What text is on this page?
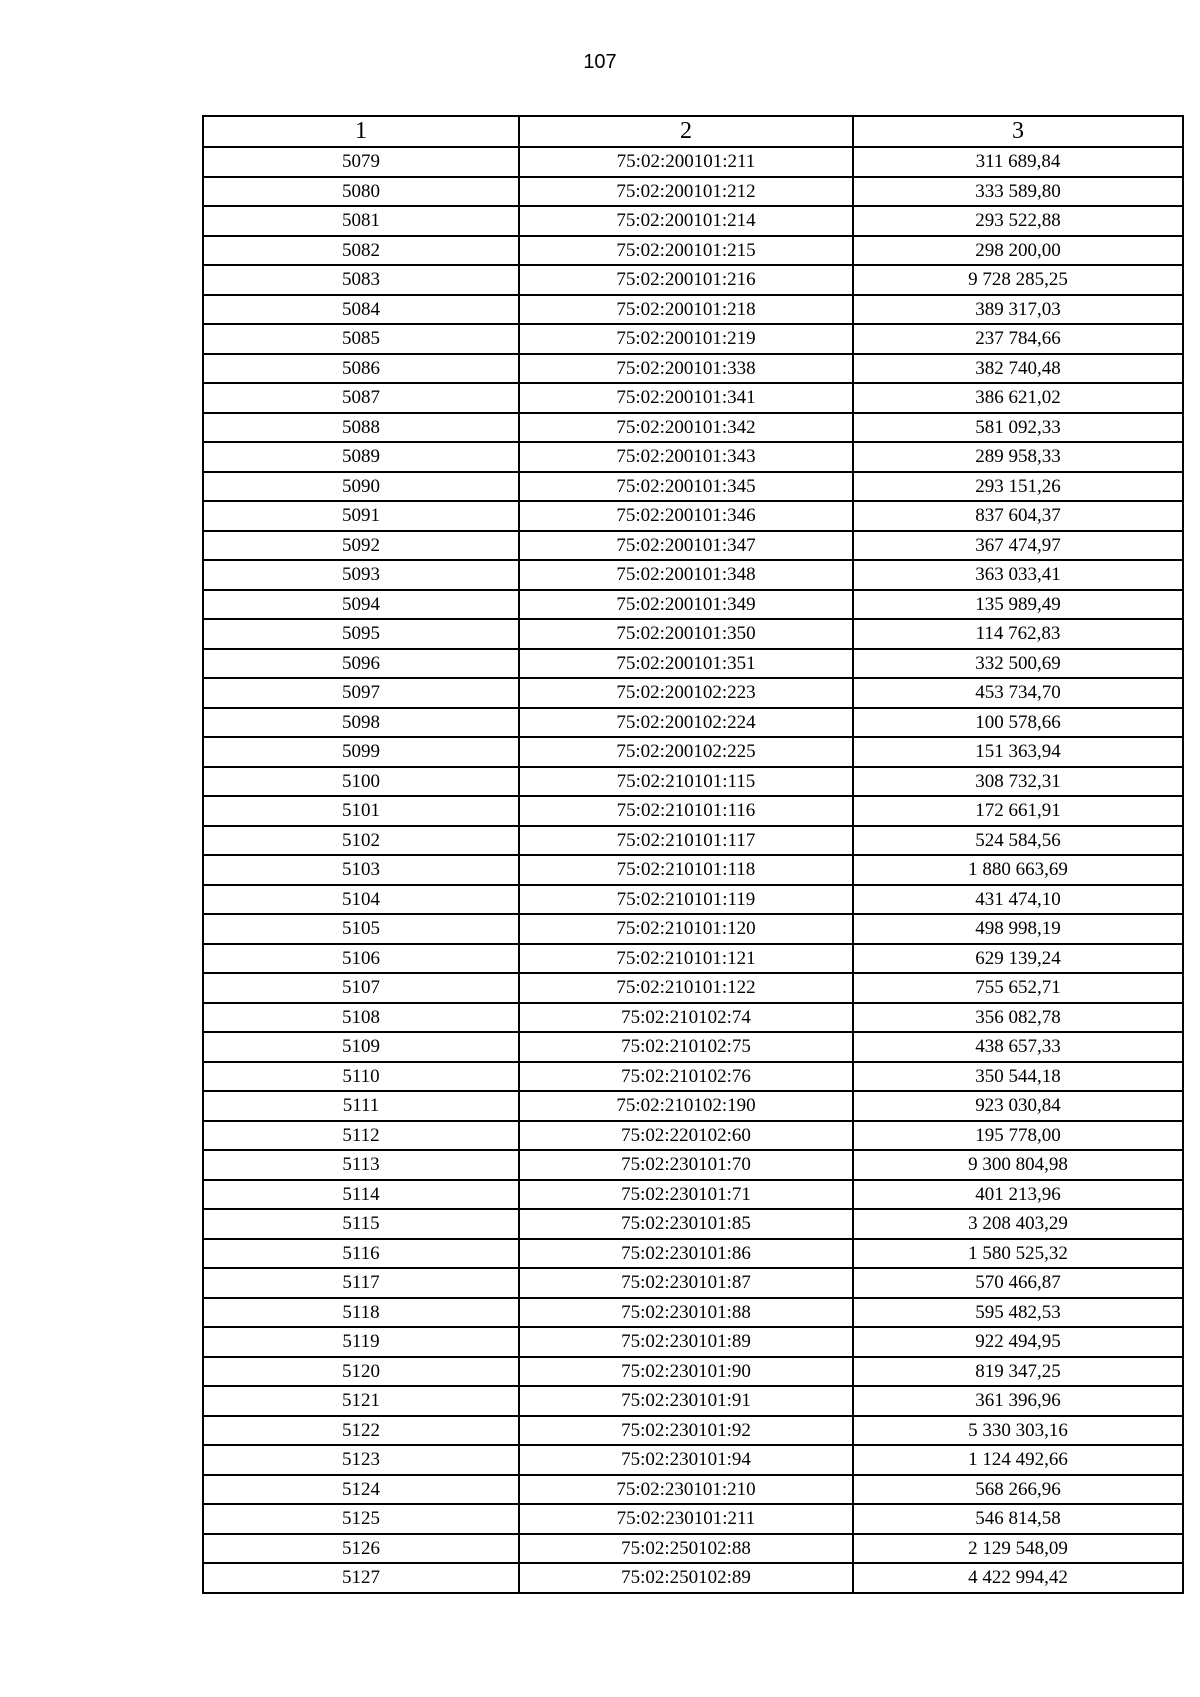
107
1	2	3
5079	75:02:200101:211	311 689,84
5080	75:02:200101:212	333 589,80
5081	75:02:200101:214	293 522,88
5082	75:02:200101:215	298 200,00
5083	75:02:200101:216	9 728 285,25
5084	75:02:200101:218	389 317,03
5085	75:02:200101:219	237 784,66
5086	75:02:200101:338	382 740,48
5087	75:02:200101:341	386 621,02
5088	75:02:200101:342	581 092,33
5089	75:02:200101:343	289 958,33
5090	75:02:200101:345	293 151,26
5091	75:02:200101:346	837 604,37
5092	75:02:200101:347	367 474,97
5093	75:02:200101:348	363 033,41
5094	75:02:200101:349	135 989,49
5095	75:02:200101:350	114 762,83
5096	75:02:200101:351	332 500,69
5097	75:02:200102:223	453 734,70
5098	75:02:200102:224	100 578,66
5099	75:02:200102:225	151 363,94
5100	75:02:210101:115	308 732,31
5101	75:02:210101:116	172 661,91
5102	75:02:210101:117	524 584,56
5103	75:02:210101:118	1 880 663,69
5104	75:02:210101:119	431 474,10
5105	75:02:210101:120	498 998,19
5106	75:02:210101:121	629 139,24
5107	75:02:210101:122	755 652,71
5108	75:02:210102:74	356 082,78
5109	75:02:210102:75	438 657,33
5110	75:02:210102:76	350 544,18
5111	75:02:210102:190	923 030,84
5112	75:02:220102:60	195 778,00
5113	75:02:230101:70	9 300 804,98
5114	75:02:230101:71	401 213,96
5115	75:02:230101:85	3 208 403,29
5116	75:02:230101:86	1 580 525,32
5117	75:02:230101:87	570 466,87
5118	75:02:230101:88	595 482,53
5119	75:02:230101:89	922 494,95
5120	75:02:230101:90	819 347,25
5121	75:02:230101:91	361 396,96
5122	75:02:230101:92	5 330 303,16
5123	75:02:230101:94	1 124 492,66
5124	75:02:230101:210	568 266,96
5125	75:02:230101:211	546 814,58
5126	75:02:250102:88	2 129 548,09
5127	75:02:250102:89	4 422 994,42
